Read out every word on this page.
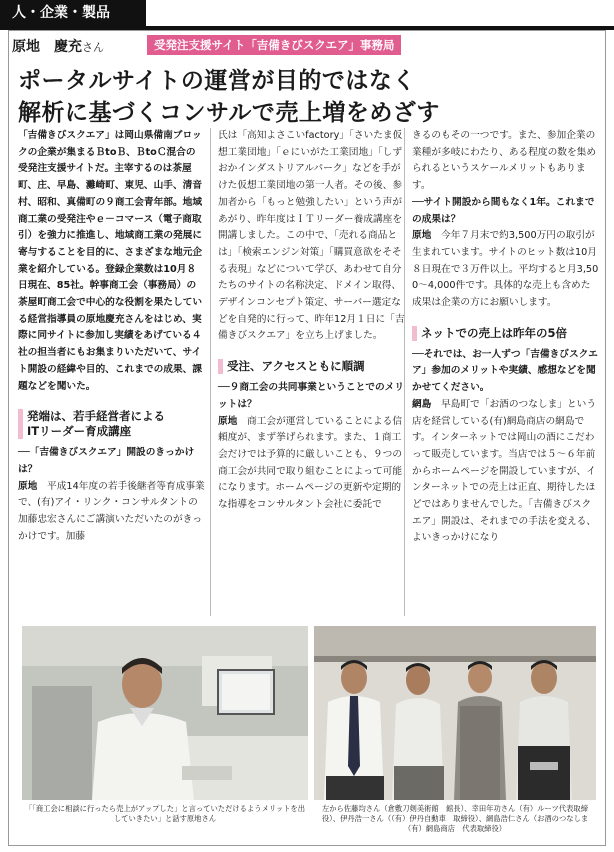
人・企業・製品
原地　慶充さん	受発注支援サイト「吉備きびスクエア」事務局
ポータルサイトの運営が目的ではなく
解析に基づくコンサルで売上増をめざす
「吉備きびスクエア」は岡山県備南ブロックの企業が集まるＢtoＢ、ＢtoＣ混合の受発注支援サイトだ。主宰するのは茶屋町、庄、早島、灘崎町、東児、山手、清音村、昭和、真備町の９商工会青年部。地域商工業の受発注やｅ－コマース（電子商取引）を強力に推進し、地域商工業の発展に寄与することを目的に、さまざまな地元企業を紹介している。登録企業数は10月８日現在、85社。幹事商工会（事務局）の茶屋町商工会で中心的な役割を果たしている経営指導員の原地慶充さんをはじめ、実際に同サイトに参加し実績をあげている４社の担当者にもお集まりいただいて、サイト開設の経緯や目的、これまでの成果、課題などを聞いた。
発端は、若手経営者による
ITリーダー育成講座
──「吉備きびスクエア」開設のきっかけは？
原地　平成14年度の若手後継者等育成事業で、(有)アイ・リンク・コンサルタントの加藤忠宏さんにご講演いただいたのがきっかけです。加藤
氏は「高知よさこいfactory」「さいたま仮想工業団地」「ｅにいがた工業団地」「しずおかインダストリアルパーク」などを手がけた仮想工業団地の第一人者。その後、参加者から「もっと勉強したい」という声があがり、昨年度はＩＴリーダー養成講座を開講しました。この中で、「売れる商品とは」「検索エンジン対策」「購買意欲をそそる表現」などについて学び、あわせて自分たちのサイトの名称決定、ドメイン取得、デザインコンセプト策定、サーバー選定などを自発的に行って、昨年12月１日に「吉備きびスクエア」を立ち上げました。
受注、アクセスともに順調
──９商工会の共同事業ということでのメリットは？
原地　商工会が運営していることによる信頼度が、まず挙げられます。また、１商工会だけでは予算的に厳しいことも、９つの商工会が共同で取り組むことによって可能になります。ホームページの更新や定期的な指導をコンサルタント会社に委託で
きるのもその一つです。また、参加企業の業種が多岐にわたり、ある程度の数を集められるというスケールメリットもあります。
──サイト開設から間もなく1年。これまでの成果は？
原地　今年７月末で約3,500万円の取引が生まれています。サイトのヒット数は10月８日現在で３万件以上。平均すると月3,500～4,000件です。具体的な売上も含めた成果は企業の方にお願いします。
ネットでの売上は昨年の5倍
──それでは、お一人ずつ「吉備きびスクエア」参加のメリットや実績、感想などを聞かせてください。
網島　早島町で「お酒のつなしま」という店を経営している(有)網島商店の網島です。インターネットでは岡山の酒にこだわって販売しています。当店では５～６年前からホームページを開設していますが、インターネットでの売上は正直、期待したほどではありませんでした。「吉備きびスクエア」開設は、それまでの手法を変える、よいきっかけになり
「「商工会に相談に行ったら売上がアップした」と言っていただけるようメリットを出していきたい」と話す原地さん
左から佐藤均さん（倉敷刀剣美術館　館長）、幸田年功さん（有）ルーツ代表取締役）、伊丹浩一さん（（有）伊丹自動車　取締役）、網島浩仁さん（お酒のつなしま（有）網島商店　代表取締役）
